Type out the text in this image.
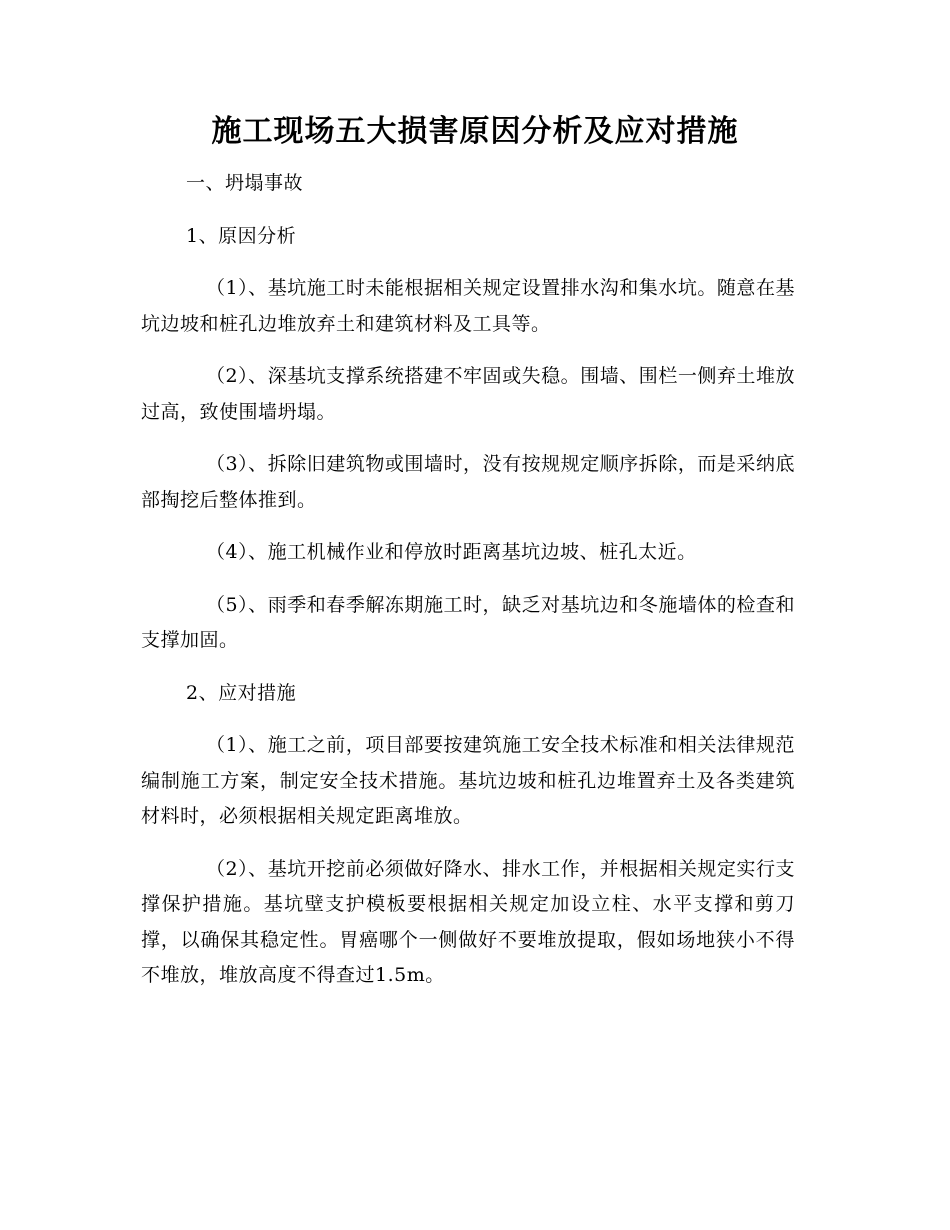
施工现场五大损害原因分析及应对措施

一、坍塌事故

1、原因分析

（1）、基坑施工时未能根据相关规定设置排水沟和集水坑。随意在基坑边坡和桩孔边堆放弃土和建筑材料及工具等。

（2）、深基坑支撑系统搭建不牢固或失稳。围墙、围栏一侧弃土堆放过高，致使围墙坍塌。

（3）、拆除旧建筑物或围墙时，没有按规规定顺序拆除，而是采纳底部掏挖后整体推到。

（4）、施工机械作业和停放时距离基坑边坡、桩孔太近。

（5）、雨季和春季解冻期施工时，缺乏对基坑边和冬施墙体的检查和支撑加固。

2、应对措施

（1）、施工之前，项目部要按建筑施工安全技术标准和相关法律规范编制施工方案，制定安全技术措施。基坑边坡和桩孔边堆置弃土及各类建筑材料时，必须根据相关规定距离堆放。

（2）、基坑开挖前必须做好降水、排水工作，并根据相关规定实行支撑保护措施。基坑壁支护模板要根据相关规定加设立柱、水平支撑和剪刀撑，以确保其稳定性。胃癌哪个一侧做好不要堆放提取，假如场地狭小不得不堆放，堆放高度不得查过1.5m。
